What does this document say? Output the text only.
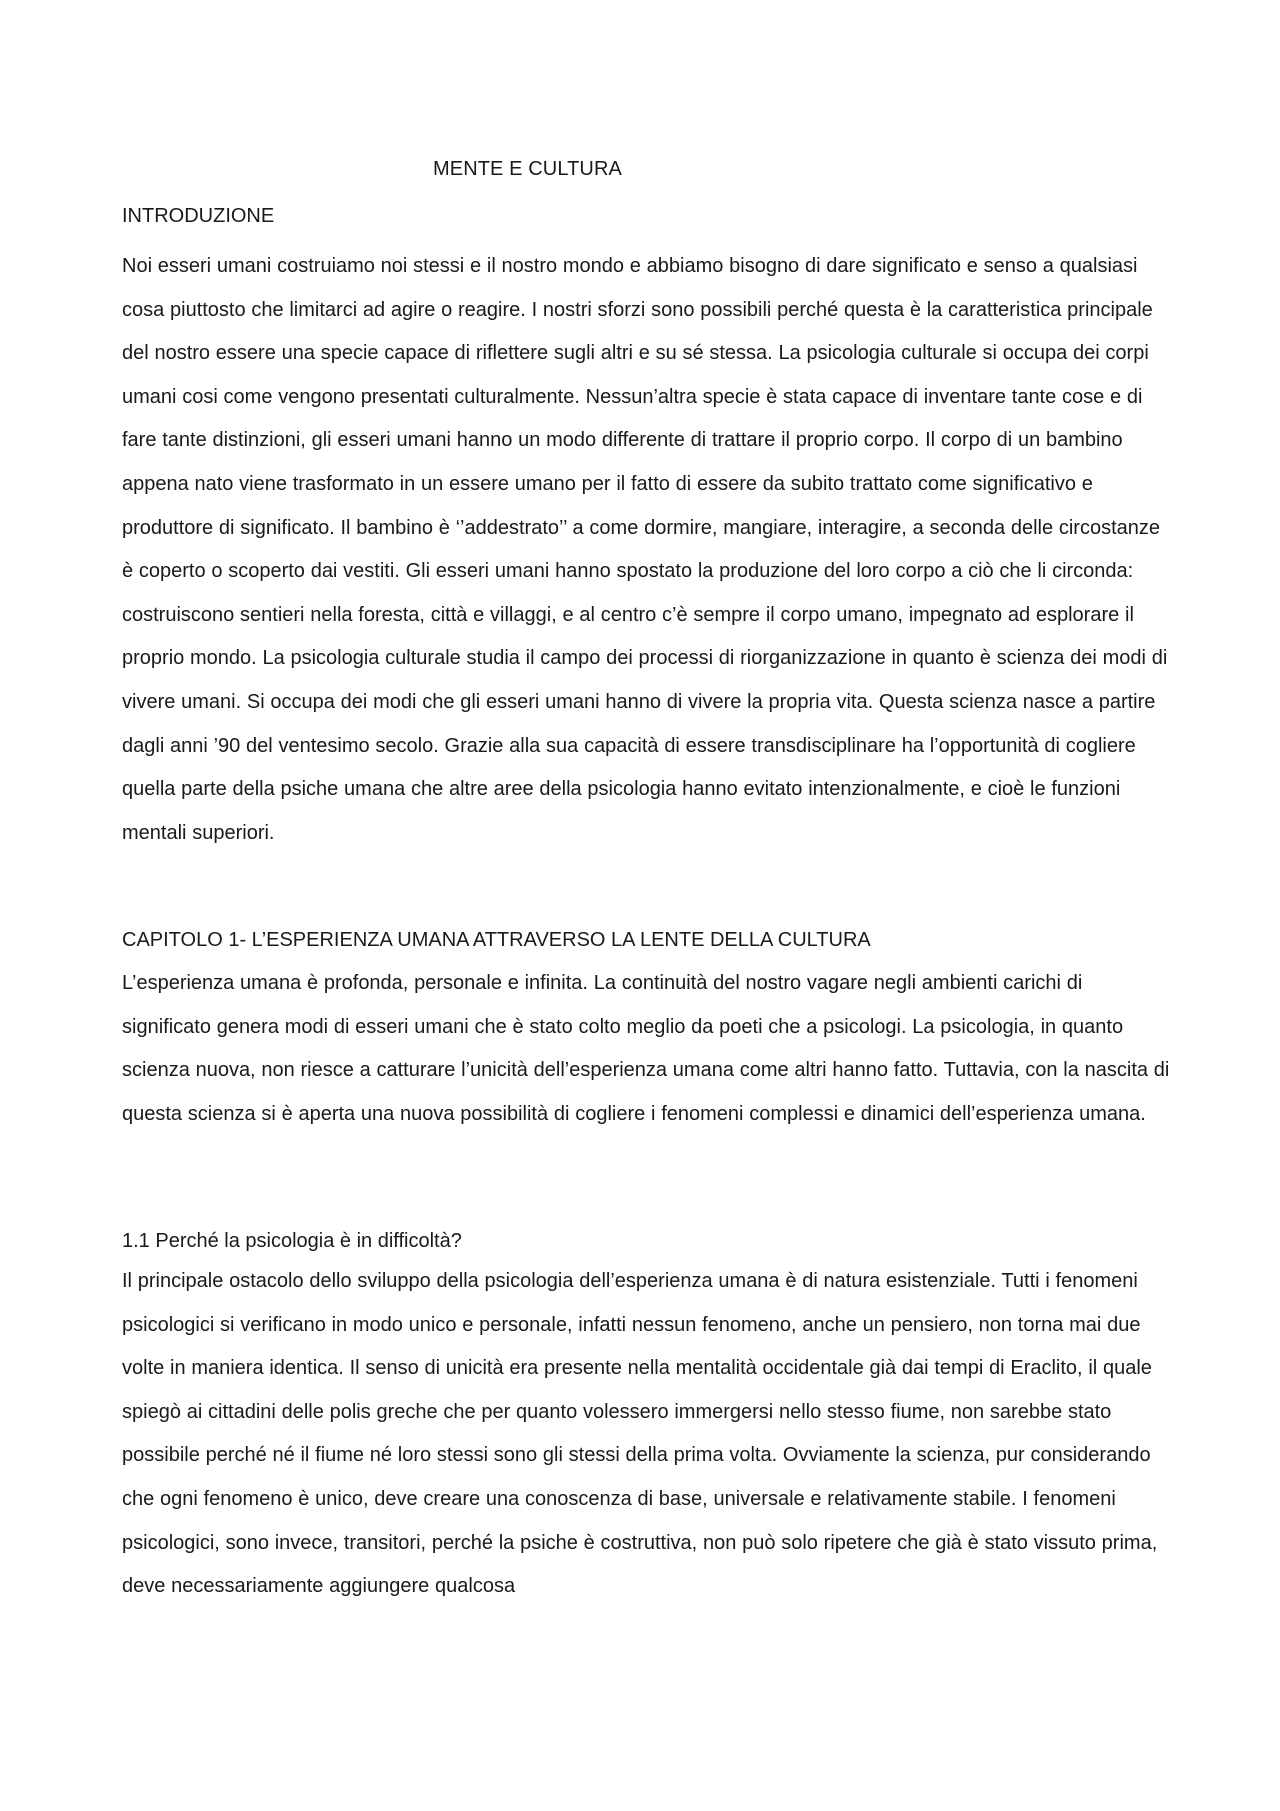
MENTE E CULTURA

INTRODUZIONE

Noi esseri umani costruiamo noi stessi e il nostro mondo e abbiamo bisogno di dare significato e senso a qualsiasi cosa piuttosto che limitarci ad agire o reagire. I nostri sforzi sono possibili perché questa è la caratteristica principale del nostro essere una specie capace di riflettere sugli altri e su sé stessa. La psicologia culturale si occupa dei corpi umani cosi come vengono presentati culturalmente. Nessun’altra specie è stata capace di inventare tante cose e di fare tante distinzioni, gli esseri umani hanno un modo differente di trattare il proprio corpo. Il corpo di un bambino appena nato viene trasformato in un essere umano per il fatto di essere da subito trattato come significativo e produttore di significato. Il bambino è ‘’addestrato’’ a come dormire, mangiare, interagire, a seconda delle circostanze è coperto o scoperto dai vestiti. Gli esseri umani hanno spostato la produzione del loro corpo a ciò che li circonda: costruiscono sentieri nella foresta, città e villaggi, e al centro c’è sempre il corpo umano, impegnato ad esplorare il proprio mondo. La psicologia culturale studia il campo dei processi di riorganizzazione in quanto è scienza dei modi di vivere umani. Si occupa dei modi che gli esseri umani hanno di vivere la propria vita. Questa scienza nasce a partire dagli anni ’90 del ventesimo secolo. Grazie alla sua capacità di essere transdisciplinare ha l’opportunità di cogliere quella parte della psiche umana che altre aree della psicologia hanno evitato intenzionalmente, e cioè le funzioni mentali superiori.

CAPITOLO 1- L’ESPERIENZA UMANA ATTRAVERSO LA LENTE DELLA CULTURA

L’esperienza umana è profonda, personale e infinita. La continuità del nostro vagare negli ambienti carichi di significato genera modi di esseri umani che è stato colto meglio da poeti che a psicologi. La psicologia, in quanto scienza nuova, non riesce a catturare l’unicità dell’esperienza umana come altri hanno fatto. Tuttavia, con la nascita di questa scienza si è aperta una nuova possibilità di cogliere i fenomeni complessi e dinamici dell’esperienza umana.

1.1 Perché la psicologia è in difficoltà?

Il principale ostacolo dello sviluppo della psicologia dell’esperienza umana è di natura esistenziale. Tutti i fenomeni psicologici si verificano in modo unico e personale, infatti nessun fenomeno, anche un pensiero, non torna mai due volte in maniera identica. Il senso di unicità era presente nella mentalità occidentale già dai tempi di Eraclito, il quale spiegò ai cittadini delle polis greche che per quanto volessero immergersi nello stesso fiume, non sarebbe stato possibile perché né il fiume né loro stessi sono gli stessi della prima volta. Ovviamente la scienza, pur considerando che ogni fenomeno è unico, deve creare una conoscenza di base, universale e relativamente stabile. I fenomeni psicologici, sono invece, transitori, perché la psiche è costruttiva, non può solo ripetere che già è stato vissuto prima, deve necessariamente aggiungere qualcosa
